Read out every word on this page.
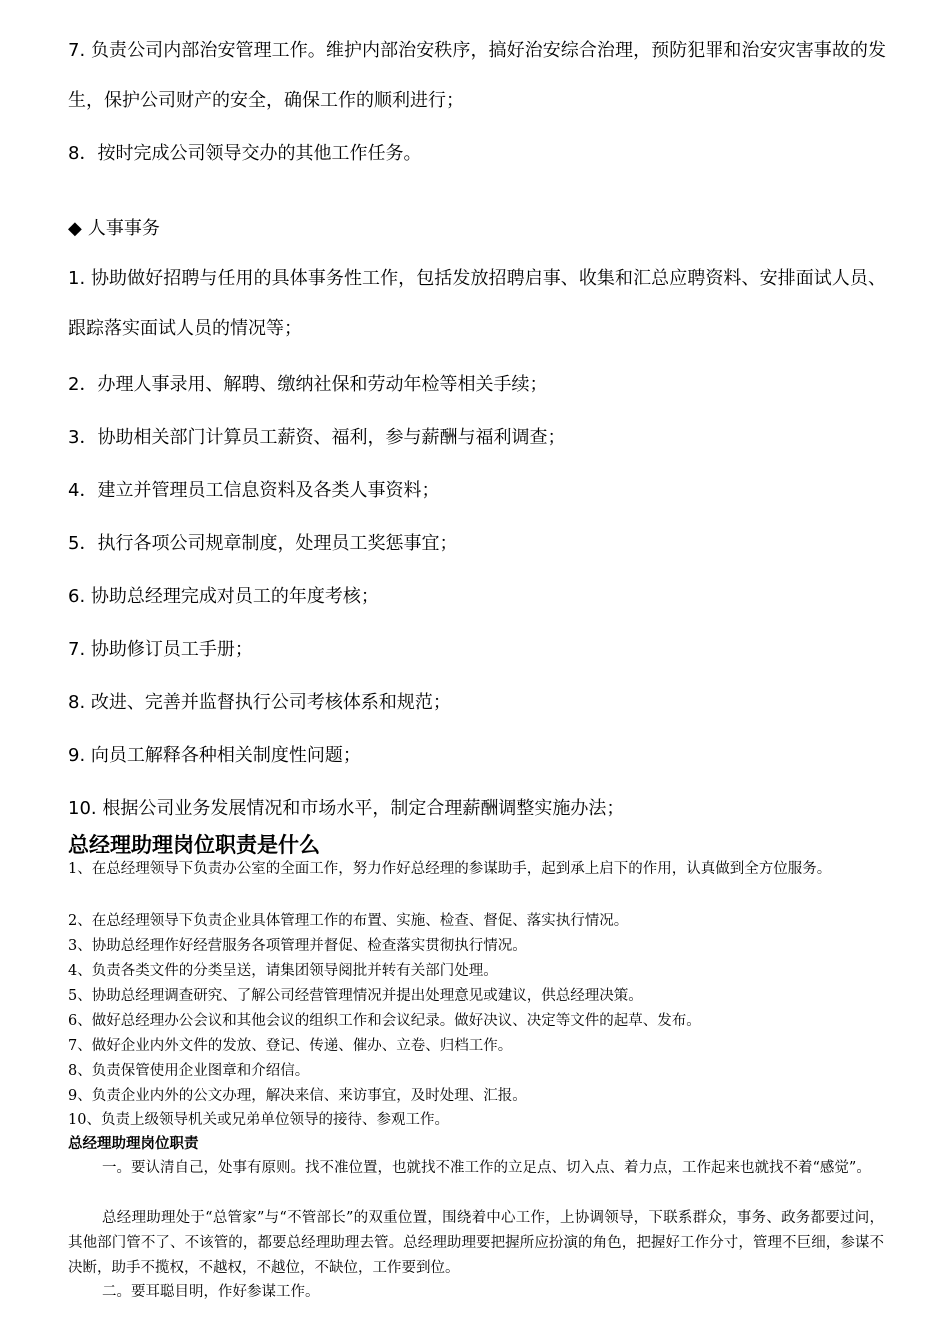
7. 负责公司内部治安管理工作。维护内部治安秩序，搞好治安综合治理，预防犯罪和治安灾害事故的发生，保护公司财产的安全，确保工作的顺利进行；
8．按时完成公司领导交办的其他工作任务。
◆ 人事事务
1. 协助做好招聘与任用的具体事务性工作，包括发放招聘启事、收集和汇总应聘资料、安排面试人员、跟踪落实面试人员的情况等；
2．办理人事录用、解聘、缴纳社保和劳动年检等相关手续；
3．协助相关部门计算员工薪资、福利，参与薪酬与福利调查；
4．建立并管理员工信息资料及各类人事资料；
5．执行各项公司规章制度，处理员工奖惩事宜；
6. 协助总经理完成对员工的年度考核；
7. 协助修订员工手册；
8. 改进、完善并监督执行公司考核体系和规范；
9. 向员工解释各种相关制度性问题；
10. 根据公司业务发展情况和市场水平，制定合理薪酬调整实施办法；
总经理助理岗位职责是什么
1、在总经理领导下负责办公室的全面工作，努力作好总经理的参谋助手，起到承上启下的作用，认真做到全方位服务。
2、在总经理领导下负责企业具体管理工作的布置、实施、检查、督促、落实执行情况。
3、协助总经理作好经营服务各项管理并督促、检查落实贯彻执行情况。
4、负责各类文件的分类呈送，请集团领导阅批并转有关部门处理。
5、协助总经理调查研究、了解公司经营管理情况并提出处理意见或建议，供总经理决策。
6、做好总经理办公会议和其他会议的组织工作和会议纪录。做好决议、决定等文件的起草、发布。
7、做好企业内外文件的发放、登记、传递、催办、立卷、归档工作。
8、负责保管使用企业图章和介绍信。
9、负责企业内外的公文办理，解决来信、来访事宜，及时处理、汇报。
10、负责上级领导机关或兄弟单位领导的接待、参观工作。
总经理助理岗位职责
一。要认清自己，处事有原则。找不准位置，也就找不准工作的立足点、切入点、着力点，工作起来也就找不着“感觉”。
总经理助理处于“总管家”与“不管部长”的双重位置，围绕着中心工作，上协调领导，下联系群众，事务、政务都要过问，其他部门管不了、不该管的，都要总经理助理去管。总经理助理要把握所应扮演的角色，把握好工作分寸，管理不巨细，参谋不决断，助手不揽权，不越权，不越位，不缺位，工作要到位。
二。要耳聪目明，作好参谋工作。
